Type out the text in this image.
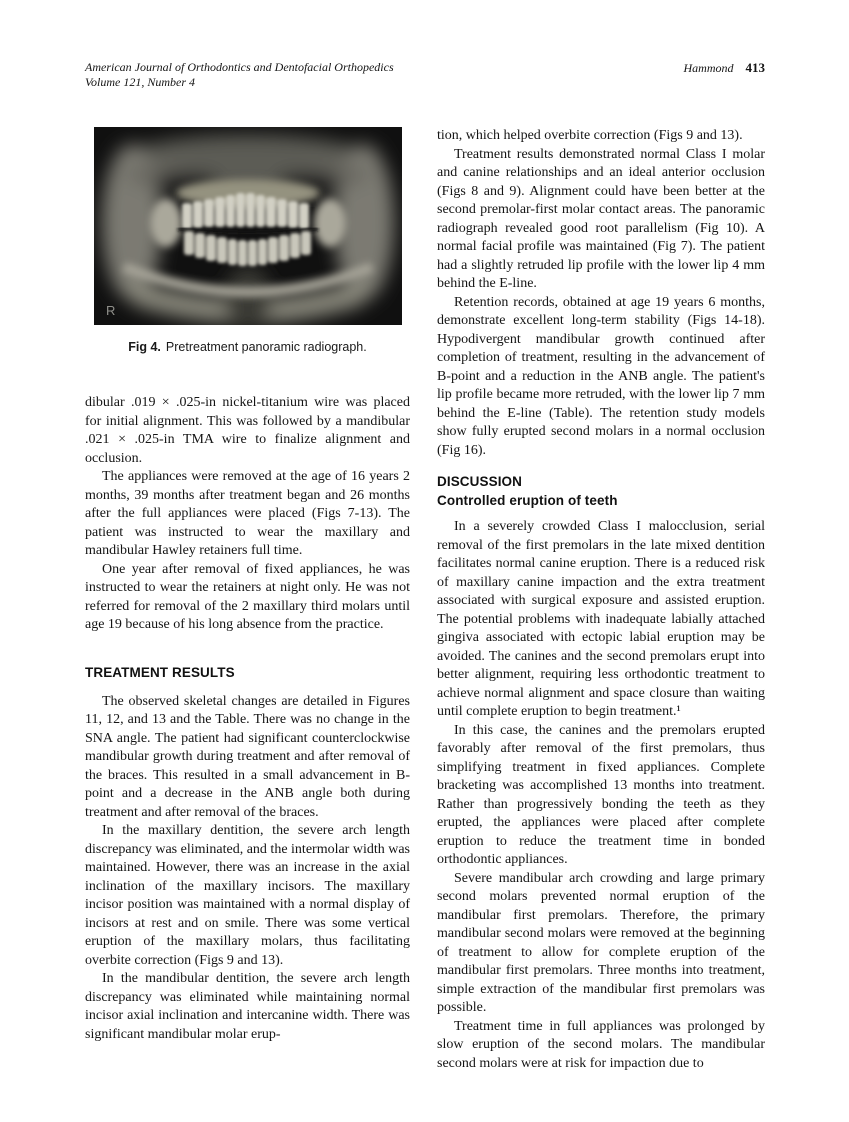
American Journal of Orthodontics and Dentofacial Orthopedics
Volume 121, Number 4
Hammond 413
R
Fig 4. Pretreatment panoramic radiograph.

dibular .019 × .025-in nickel-titanium wire was placed for initial alignment. This was followed by a mandibular .021 × .025-in TMA wire to finalize alignment and occlusion.

The appliances were removed at the age of 16 years 2 months, 39 months after treatment began and 26 months after the full appliances were placed (Figs 7-13). The patient was instructed to wear the maxillary and mandibular Hawley retainers full time.

One year after removal of fixed appliances, he was instructed to wear the retainers at night only. He was not referred for removal of the 2 maxillary third molars until age 19 because of his long absence from the practice.

TREATMENT RESULTS

The observed skeletal changes are detailed in Figures 11, 12, and 13 and the Table. There was no change in the SNA angle. The patient had significant counterclockwise mandibular growth during treatment and after removal of the braces. This resulted in a small advancement in B-point and a decrease in the ANB angle both during treatment and after removal of the braces.

In the maxillary dentition, the severe arch length discrepancy was eliminated, and the intermolar width was maintained. However, there was an increase in the axial inclination of the maxillary incisors. The maxillary incisor position was maintained with a normal display of incisors at rest and on smile. There was some vertical eruption of the maxillary molars, thus facilitating overbite correction (Figs 9 and 13).

In the mandibular dentition, the severe arch length discrepancy was eliminated while maintaining normal incisor axial inclination and intercanine width. There was significant mandibular molar erup-

tion, which helped overbite correction (Figs 9 and 13).

Treatment results demonstrated normal Class I molar and canine relationships and an ideal anterior occlusion (Figs 8 and 9). Alignment could have been better at the second premolar-first molar contact areas. The panoramic radiograph revealed good root parallelism (Fig 10). A normal facial profile was maintained (Fig 7). The patient had a slightly retruded lip profile with the lower lip 4 mm behind the E-line.

Retention records, obtained at age 19 years 6 months, demonstrate excellent long-term stability (Figs 14-18). Hypodivergent mandibular growth continued after completion of treatment, resulting in the advancement of B-point and a reduction in the ANB angle. The patient's lip profile became more retruded, with the lower lip 7 mm behind the E-line (Table). The retention study models show fully erupted second molars in a normal occlusion (Fig 16).

DISCUSSION
Controlled eruption of teeth

In a severely crowded Class I malocclusion, serial removal of the first premolars in the late mixed dentition facilitates normal canine eruption. There is a reduced risk of maxillary canine impaction and the extra treatment associated with surgical exposure and assisted eruption. The potential problems with inadequate labially attached gingiva associated with ectopic labial eruption may be avoided. The canines and the second premolars erupt into better alignment, requiring less orthodontic treatment to achieve normal alignment and space closure than waiting until complete eruption to begin treatment.¹

In this case, the canines and the premolars erupted favorably after removal of the first premolars, thus simplifying treatment in fixed appliances. Complete bracketing was accomplished 13 months into treatment. Rather than progressively bonding the teeth as they erupted, the appliances were placed after complete eruption to reduce the treatment time in bonded orthodontic appliances.

Severe mandibular arch crowding and large primary second molars prevented normal eruption of the mandibular first premolars. Therefore, the primary mandibular second molars were removed at the beginning of treatment to allow for complete eruption of the mandibular first premolars. Three months into treatment, simple extraction of the mandibular first premolars was possible.

Treatment time in full appliances was prolonged by slow eruption of the second molars. The mandibular second molars were at risk for impaction due to
